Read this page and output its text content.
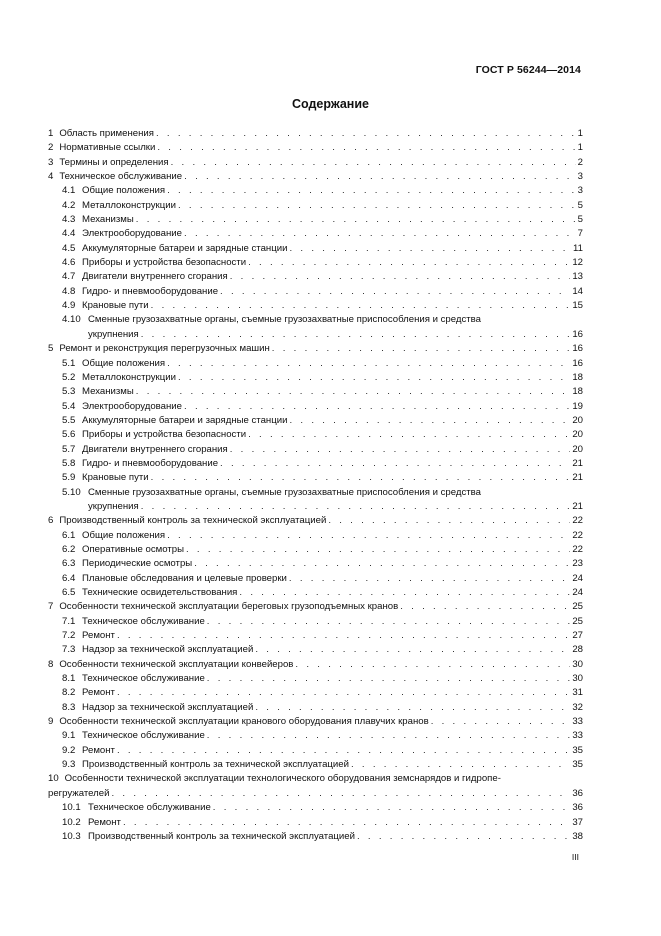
ГОСТ Р 56244—2014
Содержание
1 Область применения . . .	1
2 Нормативные ссылки . . .	1
3 Термины и определения . . .	2
4 Техническое обслуживание . . .	3
4.1 Общие положения . . .	3
4.2 Металлоконструкции . . .	5
4.3 Механизмы . . .	5
4.4 Электрооборудование . . .	7
4.5 Аккумуляторные батареи и зарядные станции . . .	11
4.6 Приборы и устройства безопасности . . .	12
4.7 Двигатели внутреннего сгорания . . .	13
4.8 Гидро- и пневмооборудование . . .	14
4.9 Крановые пути . . .	15
4.10 Сменные грузозахватные органы, съемные грузозахватные приспособления и средства
укрупнения . . .	16
5 Ремонт и реконструкция перегрузочных машин . . .	16
5.1 Общие положения . . .	16
5.2 Металлоконструкции . . .	18
5.3 Механизмы . . .	18
5.4 Электрооборудование . . .	19
5.5 Аккумуляторные батареи и зарядные станции . . .	20
5.6 Приборы и устройства безопасности . . .	20
5.7 Двигатели внутреннего сгорания . . .	20
5.8 Гидро- и пневмооборудование . . .	21
5.9 Крановые пути . . .	21
5.10 Сменные грузозахватные органы, съемные грузозахватные приспособления и средства
укрупнения . . .	21
6 Производственный контроль за технической эксплуатацией . . .	22
6.1 Общие положения . . .	22
6.2 Оперативные осмотры . . .	22
6.3 Периодические осмотры . . .	23
6.4 Плановые обследования и целевые проверки . . .	24
6.5 Технические освидетельствования . . .	24
7 Особенности технической эксплуатации береговых грузоподъемных кранов . . .	25
7.1 Техническое обслуживание . . .	25
7.2 Ремонт . . .	27
7.3 Надзор за технической эксплуатацией . . .	28
8 Особенности технической эксплуатации конвейеров . . .	30
8.1 Техническое обслуживание . . .	30
8.2 Ремонт . . .	31
8.3 Надзор за технической эксплуатацией . . .	32
9 Особенности технической эксплуатации кранового оборудования плавучих кранов . . .	33
9.1 Техническое обслуживание . . .	33
9.2 Ремонт . . .	35
9.3 Производственный контроль за технической эксплуатацией . . .	35
10 Особенности технической эксплуатации технологического оборудования земснарядов и гидропе-
регружателей . . .	36
10.1 Техническое обслуживание . . .	36
10.2 Ремонт . . .	37
10.3 Производственный контроль за технической эксплуатацией . . .	38
III
